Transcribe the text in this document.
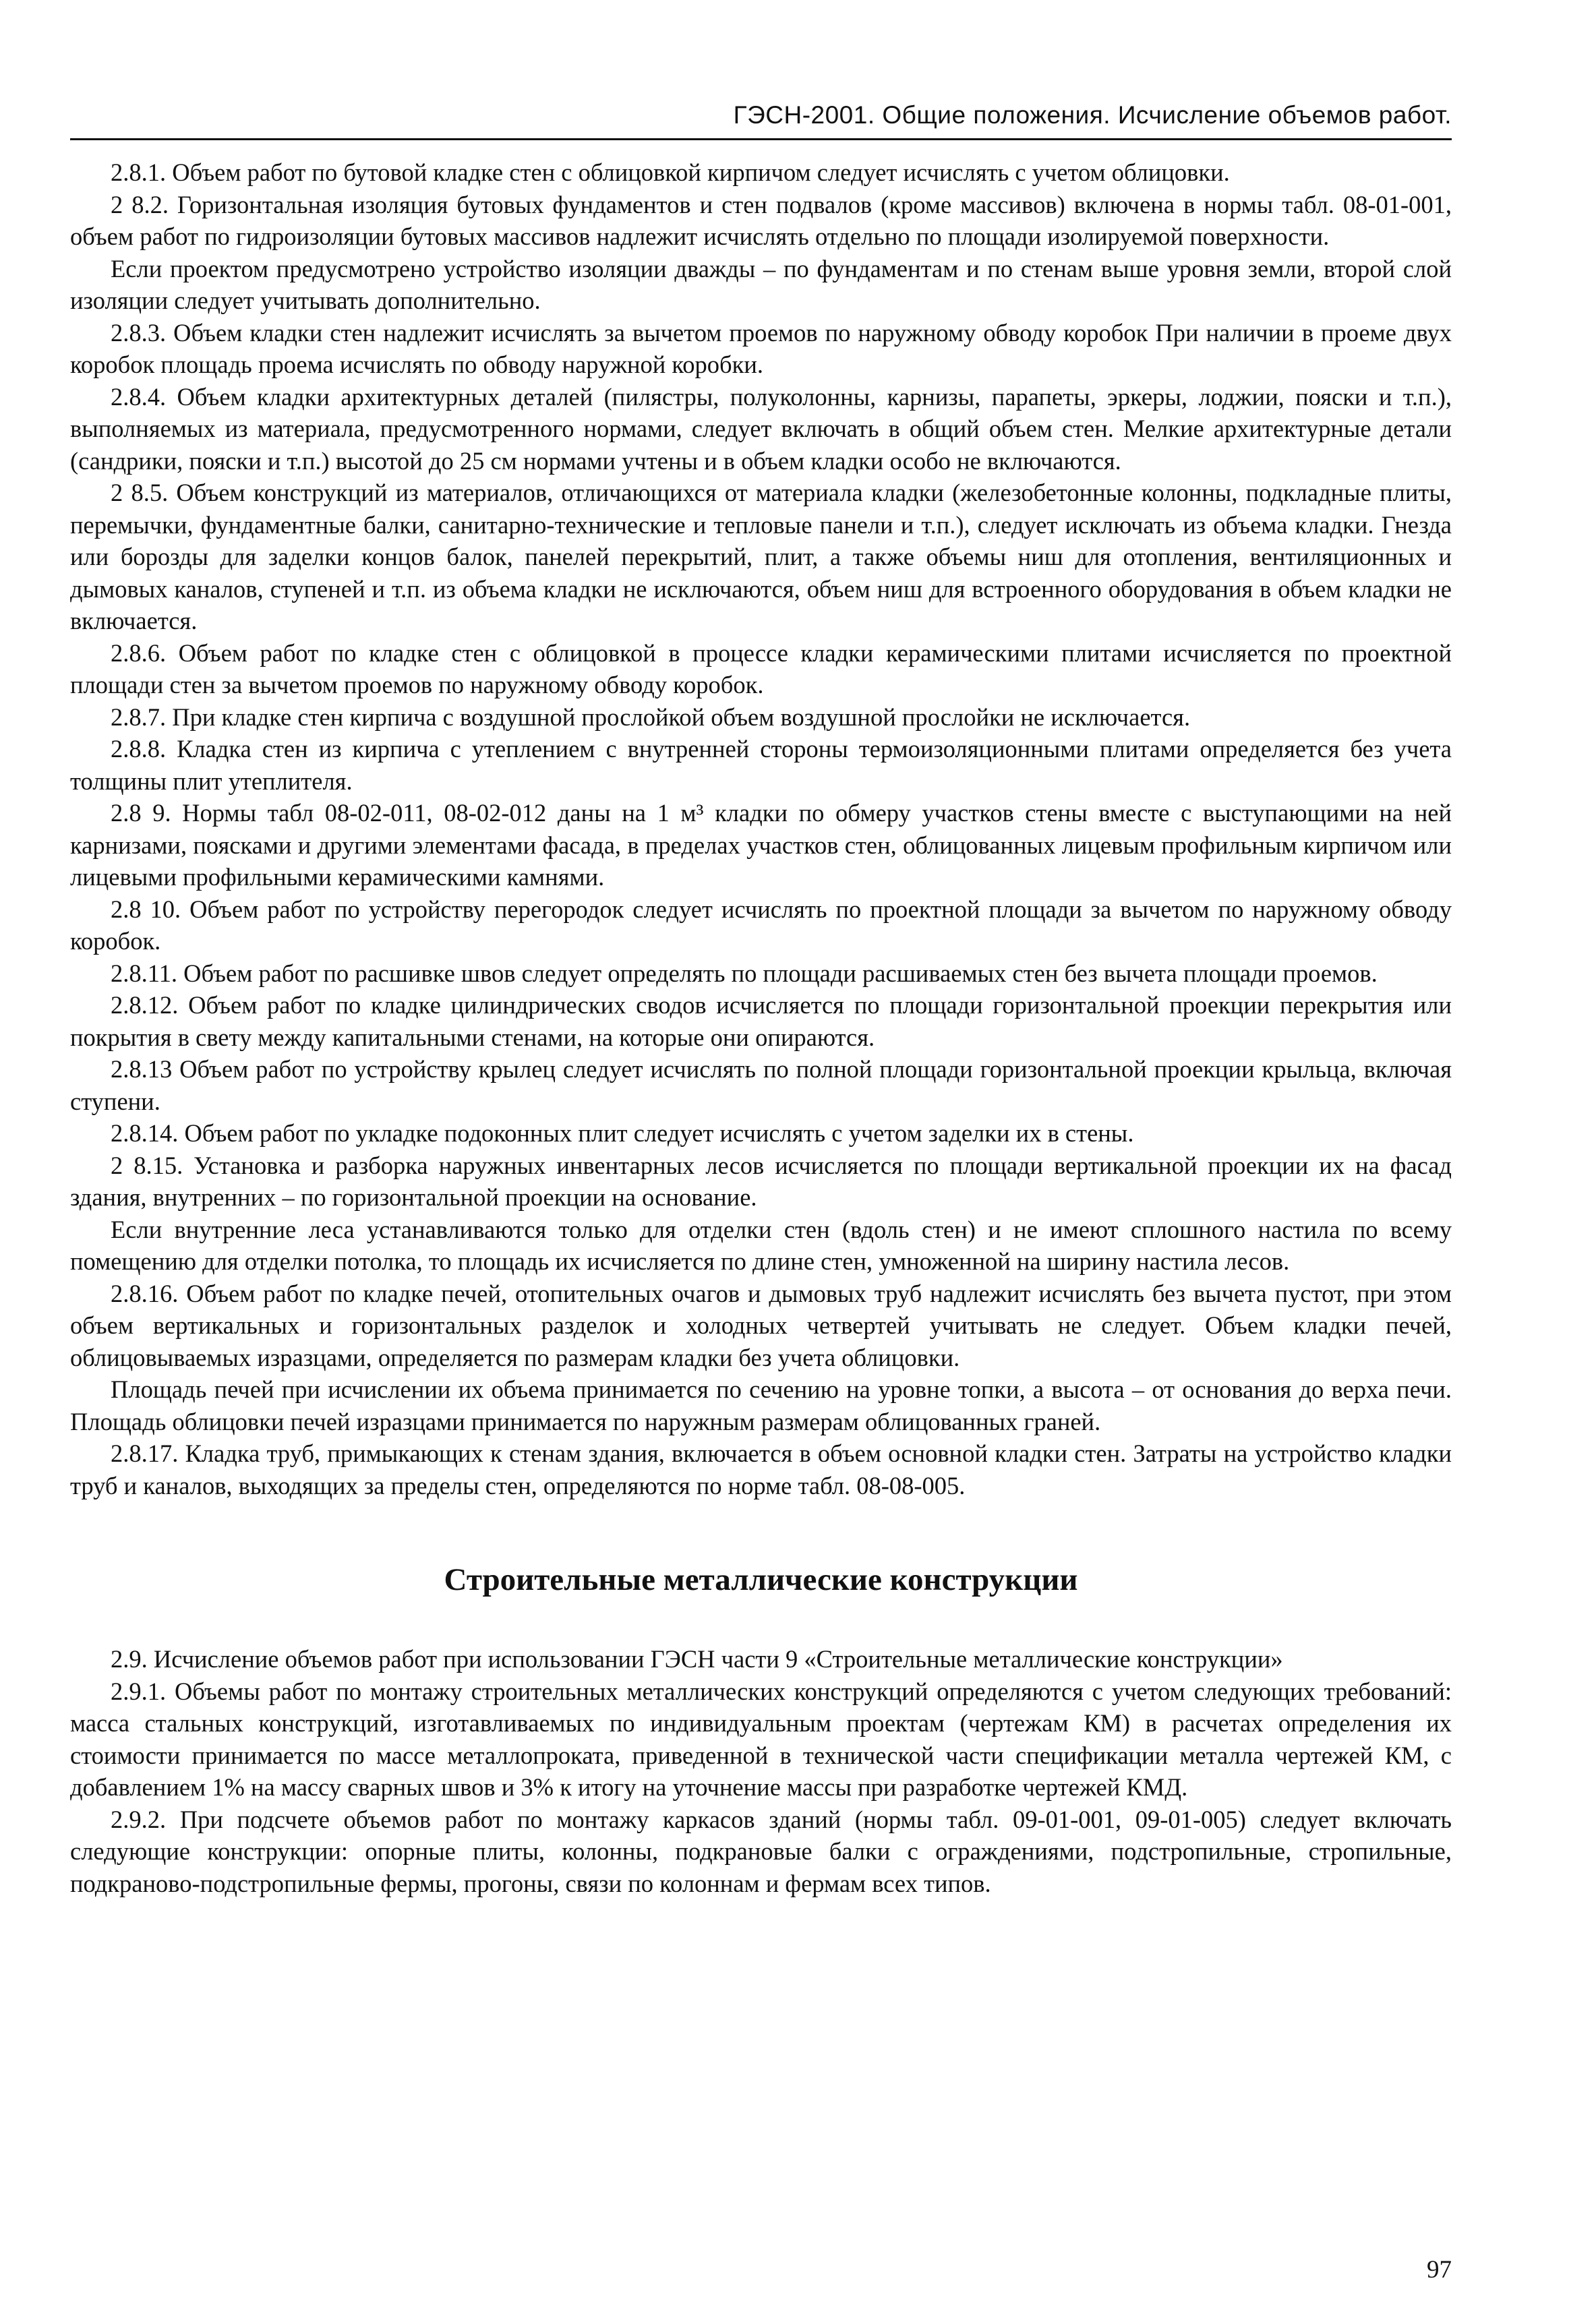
ГЭСН-2001. Общие положения. Исчисление объемов работ.

2.8.1. Объем работ по бутовой кладке стен с облицовкой кирпичом следует исчислять с учетом облицовки.

2 8.2. Горизонтальная изоляция бутовых фундаментов и стен подвалов (кроме массивов) включена в нормы табл. 08-01-001, объем работ по гидроизоляции бутовых массивов надлежит исчислять отдельно по площади изолируемой поверхности.

Если проектом предусмотрено устройство изоляции дважды – по фундаментам и по стенам выше уровня земли, второй слой изоляции следует учитывать дополнительно.

2.8.3. Объем кладки стен надлежит исчислять за вычетом проемов по наружному обводу коробок При наличии в проеме двух коробок площадь проема исчислять по обводу наружной коробки.

2.8.4. Объем кладки архитектурных деталей (пилястры, полуколонны, карнизы, парапеты, эркеры, лоджии, пояски и т.п.), выполняемых из материала, предусмотренного нормами, следует включать в общий объем стен. Мелкие архитектурные детали (сандрики, пояски и т.п.) высотой до 25 см нормами учтены и в объем кладки особо не включаются.

2 8.5. Объем конструкций из материалов, отличающихся от материала кладки (железобетонные колонны, подкладные плиты, перемычки, фундаментные балки, санитарно-технические и тепловые панели и т.п.), следует исключать из объема кладки. Гнезда или борозды для заделки концов балок, панелей перекрытий, плит, а также объемы ниш для отопления, вентиляционных и дымовых каналов, ступеней и т.п. из объема кладки не исключаются, объем ниш для встроенного оборудования в объем кладки не включается.

2.8.6. Объем работ по кладке стен с облицовкой в процессе кладки керамическими плитами исчисляется по проектной площади стен за вычетом проемов по наружному обводу коробок.

2.8.7. При кладке стен кирпича с воздушной прослойкой объем воздушной прослойки не исключается.

2.8.8. Кладка стен из кирпича с утеплением с внутренней стороны термоизоляционными плитами определяется без учета толщины плит утеплителя.

2.8 9. Нормы табл 08-02-011, 08-02-012 даны на 1 м³ кладки по обмеру участков стены вместе с выступающими на ней карнизами, поясками и другими элементами фасада, в пределах участков стен, облицованных лицевым профильным кирпичом или лицевыми профильными керамическими камнями.

2.8 10. Объем работ по устройству перегородок следует исчислять по проектной площади за вычетом по наружному обводу коробок.

2.8.11. Объем работ по расшивке швов следует определять по площади расшиваемых стен без вычета площади проемов.

2.8.12. Объем работ по кладке цилиндрических сводов исчисляется по площади горизонтальной проекции перекрытия или покрытия в свету между капитальными стенами, на которые они опираются.

2.8.13 Объем работ по устройству крылец следует исчислять по полной площади горизонтальной проекции крыльца, включая ступени.

2.8.14. Объем работ по укладке подоконных плит следует исчислять с учетом заделки их в стены.

2 8.15. Установка и разборка наружных инвентарных лесов исчисляется по площади вертикальной проекции их на фасад здания, внутренних – по горизонтальной проекции на основание.

Если внутренние леса устанавливаются только для отделки стен (вдоль стен) и не имеют сплошного настила по всему помещению для отделки потолка, то площадь их исчисляется по длине стен, умноженной на ширину настила лесов.

2.8.16. Объем работ по кладке печей, отопительных очагов и дымовых труб надлежит исчислять без вычета пустот, при этом объем вертикальных и горизонтальных разделок и холодных четвертей учитывать не следует. Объем кладки печей, облицовываемых изразцами, определяется по размерам кладки без учета облицовки.

Площадь печей при исчислении их объема принимается по сечению на уровне топки, а высота – от основания до верха печи. Площадь облицовки печей изразцами принимается по наружным размерам облицованных граней.

2.8.17. Кладка труб, примыкающих к стенам здания, включается в объем основной кладки стен. Затраты на устройство кладки труб и каналов, выходящих за пределы стен, определяются по норме табл. 08-08-005.

Строительные металлические конструкции

2.9. Исчисление объемов работ при использовании ГЭСН части 9 «Строительные металлические конструкции»

2.9.1. Объемы работ по монтажу строительных металлических конструкций определяются с учетом следующих требований: масса стальных конструкций, изготавливаемых по индивидуальным проектам (чертежам КМ) в расчетах определения их стоимости принимается по массе металлопроката, приведенной в технической части спецификации металла чертежей КМ, с добавлением 1% на массу сварных швов и 3% к итогу на уточнение массы при разработке чертежей КМД.

2.9.2. При подсчете объемов работ по монтажу каркасов зданий (нормы табл. 09-01-001, 09-01-005) следует включать следующие конструкции: опорные плиты, колонны, подкрановые балки с ограждениями, подстропильные, стропильные, подкраново-подстропильные фермы, прогоны, связи по колоннам и фермам всех типов.

97
